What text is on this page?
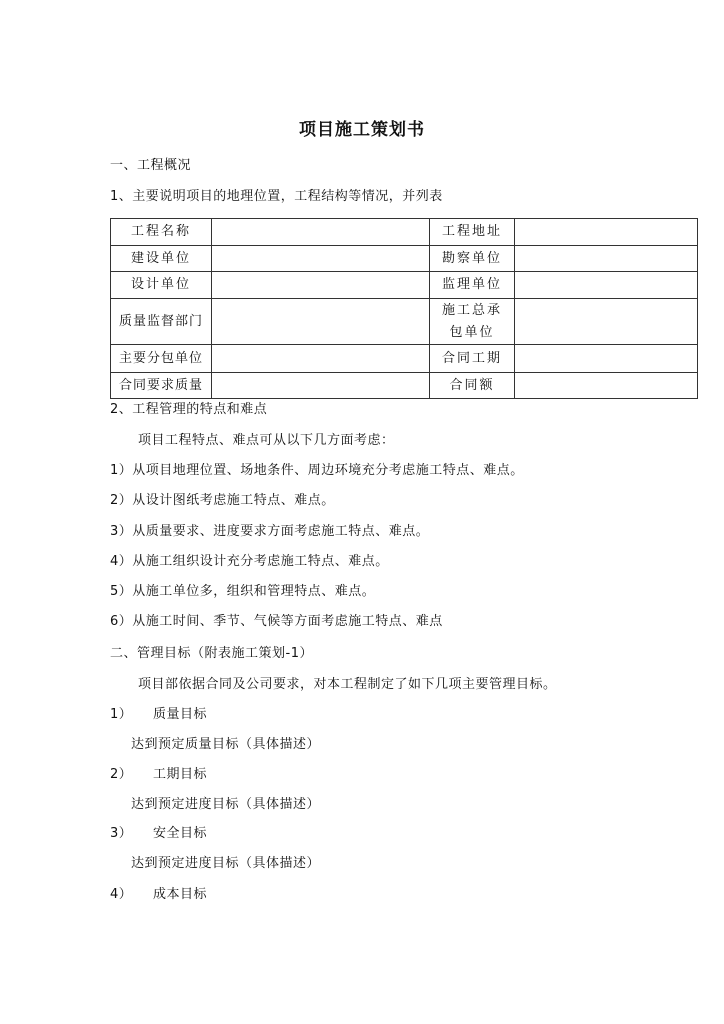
项目施工策划书
一、工程概况
1、主要说明项目的地理位置，工程结构等情况，并列表
工程名称		工程地址	
建设单位		勘察单位	
设计单位		监理单位	
质量监督部门		施工总承包单位	
主要分包单位		合同工期	
合同要求质量		合同额	
2、工程管理的特点和难点
项目工程特点、难点可从以下几方面考虑：
1）从项目地理位置、场地条件、周边环境充分考虑施工特点、难点。
2）从设计图纸考虑施工特点、难点。
3）从质量要求、进度要求方面考虑施工特点、难点。
4）从施工组织设计充分考虑施工特点、难点。
5）从施工单位多，组织和管理特点、难点。
6）从施工时间、季节、气候等方面考虑施工特点、难点
二、管理目标（附表施工策划-1）
项目部依据合同及公司要求，对本工程制定了如下几项主要管理目标。
1） 质量目标
达到预定质量目标（具体描述）
2） 工期目标
达到预定进度目标（具体描述）
3） 安全目标
达到预定进度目标（具体描述）
4） 成本目标
